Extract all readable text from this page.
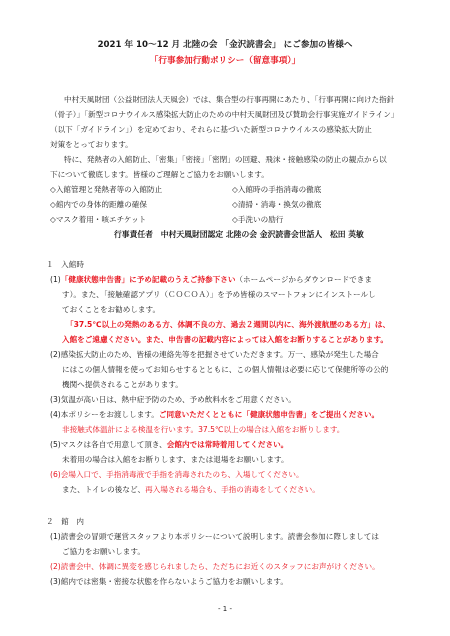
2021 年 10〜12 月 北陸の会 「金沢読書会」 にご参加の皆様へ
「行事参加行動ポリシー（留意事項）」
中村天風財団（公益財団法人天風会）では、集合型の行事再開にあたり、「行事再開に向けた指針
（骨子）」「新型コロナウイルス感染拡大防止のための中村天風財団及び賛助会行事実施ガイドライン」
（以下「ガイドライン」）を定めており、それらに基づいた新型コロナウイルスの感染拡大防止
対策をとっております。
特に、発熱者の入館防止、「密集」「密接」「密閉」の回避、飛沫・接触感染の防止の観点から以
下について徹底します。皆様のご理解とご協力をお願いします。
◇入館管理と発熱者等の入館防止	◇入館時の手指消毒の徹底
◇館内での身体的距離の確保	◇清掃・消毒・換気の徹底
◇マスク着用・咳エチケット	◇手洗いの励行
行事責任者　中村天風財団認定 北陸の会 金沢読書会世話人　松田 英敏
１　入館時
(1)「健康状態申告書」に予め記載のうえご持参下さい（ホームページからダウンロードできま
す）。また、「接触確認アプリ（ＣＯＣＯＡ）」を予め皆様のスマートフォンにインストールし
ておくことをお勧めします。
「37.5℃以上の発熱のある方、体調不良の方、過去２週間以内に、海外渡航歴のある方」は、
入館をご遠慮ください。また、申告書の記載内容によっては入館をお断りすることがあります。
(2)感染拡大防止のため、皆様の連絡先等を把握させていただきます。万一、感染が発生した場合
にはこの個人情報を使ってお知らせするとともに、この個人情報は必要に応じて保健所等の公的
機関へ提供されることがあります。
(3)気温が高い日は、熱中症予防のため、予め飲料水をご用意ください。
(4)本ポリシーをお渡しします。ご同意いただくとともに「健康状態申告書」をご提出ください。
非接触式体温計による検温を行います。37.5℃以上の場合は入館をお断りします。
(5)マスクは各自で用意して頂き、会館内では常時着用してください。
未着用の場合は入館をお断りします、または退場をお願いします。
(6)会場入口で、手指消毒液で手指を消毒されたのち、入場してください。
また、トイレの後など、再入場される場合も、手指の消毒をしてください。
２　館　内
(1)読書会の冒頭で運営スタッフより本ポリシーについて説明します。読書会参加に際しましては
ご協力をお願いします。
(2)読書会中、体調に異変を感じられましたら、ただちにお近くのスタッフにお声がけください。
(3)館内では密集・密接な状態を作らないようご協力をお願いします。
- 1 -
